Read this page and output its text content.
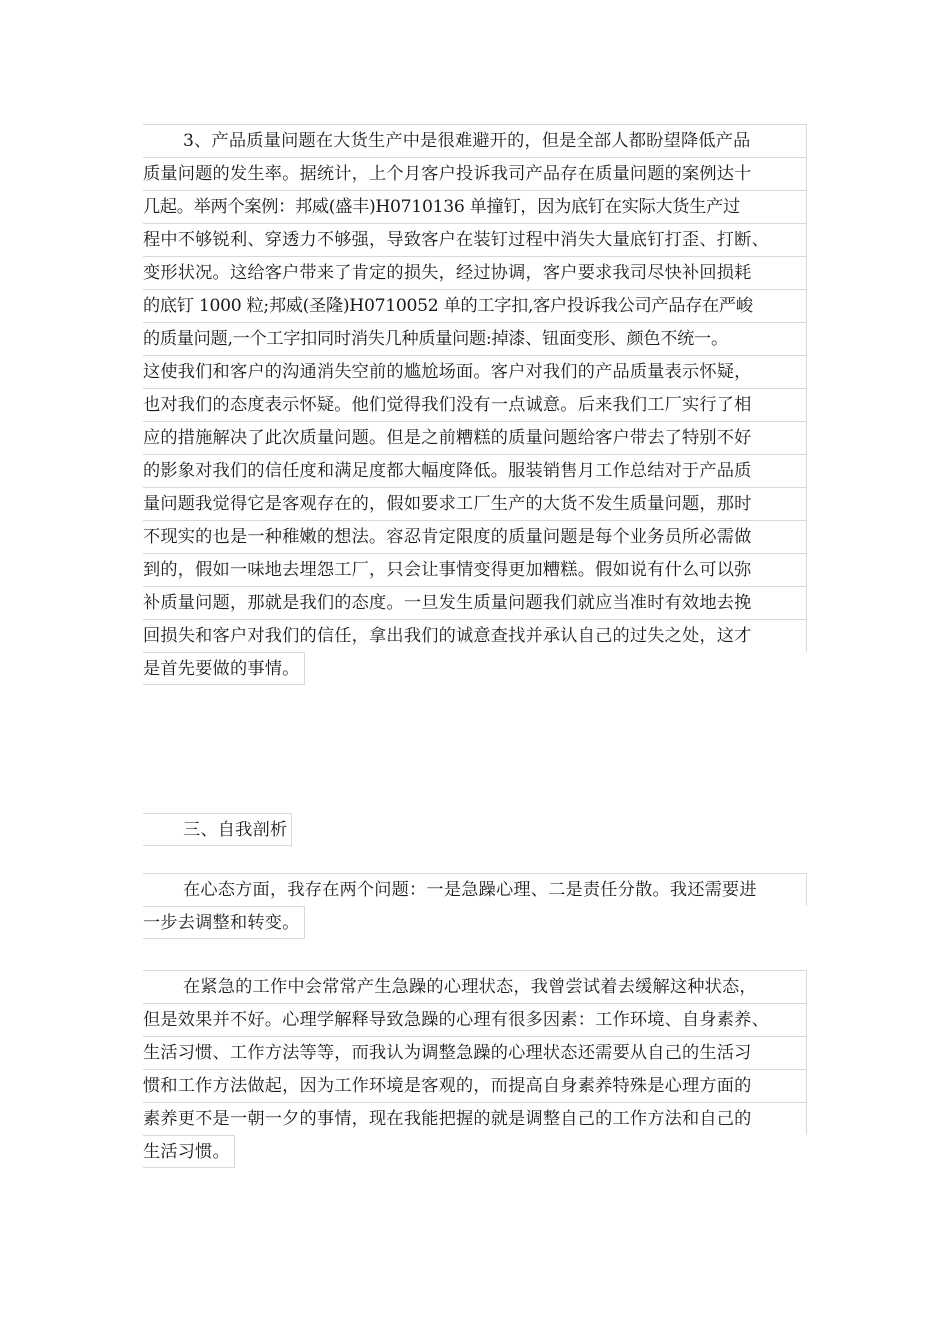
3、产品质量问题在大货生产中是很难避开的，但是全部人都盼望降低产品
质量问题的发生率。据统计，上个月客户投诉我司产品存在质量问题的案例达十
几起。举两个案例：邦威(盛丰)H0710136 单撞钉，因为底钉在实际大货生产过
程中不够锐利、穿透力不够强，导致客户在装钉过程中消失大量底钉打歪、打断、
变形状况。这给客户带来了肯定的损失，经过协调，客户要求我司尽快补回损耗
的底钉 1000 粒;邦威(圣隆)H0710052 单的工字扣,客户投诉我公司产品存在严峻
的质量问题,一个工字扣同时消失几种质量问题:掉漆、钮面变形、颜色不统一。
这使我们和客户的沟通消失空前的尴尬场面。客户对我们的产品质量表示怀疑，
也对我们的态度表示怀疑。他们觉得我们没有一点诚意。后来我们工厂实行了相
应的措施解决了此次质量问题。但是之前糟糕的质量问题给客户带去了特别不好
的影象对我们的信任度和满足度都大幅度降低。服装销售月工作总结对于产品质
量问题我觉得它是客观存在的，假如要求工厂生产的大货不发生质量问题，那时
不现实的也是一种稚嫩的想法。容忍肯定限度的质量问题是每个业务员所必需做
到的，假如一味地去埋怨工厂，只会让事情变得更加糟糕。假如说有什么可以弥
补质量问题，那就是我们的态度。一旦发生质量问题我们就应当准时有效地去挽
回损失和客户对我们的信任，拿出我们的诚意查找并承认自己的过失之处，这才
是首先要做的事情。
三、自我剖析
在心态方面，我存在两个问题：一是急躁心理、二是责任分散。我还需要进
一步去调整和转变。
在紧急的工作中会常常产生急躁的心理状态，我曾尝试着去缓解这种状态，
但是效果并不好。心理学解释导致急躁的心理有很多因素：工作环境、自身素养、
生活习惯、工作方法等等，而我认为调整急躁的心理状态还需要从自己的生活习
惯和工作方法做起，因为工作环境是客观的，而提高自身素养特殊是心理方面的
素养更不是一朝一夕的事情，现在我能把握的就是调整自己的工作方法和自己的
生活习惯。
